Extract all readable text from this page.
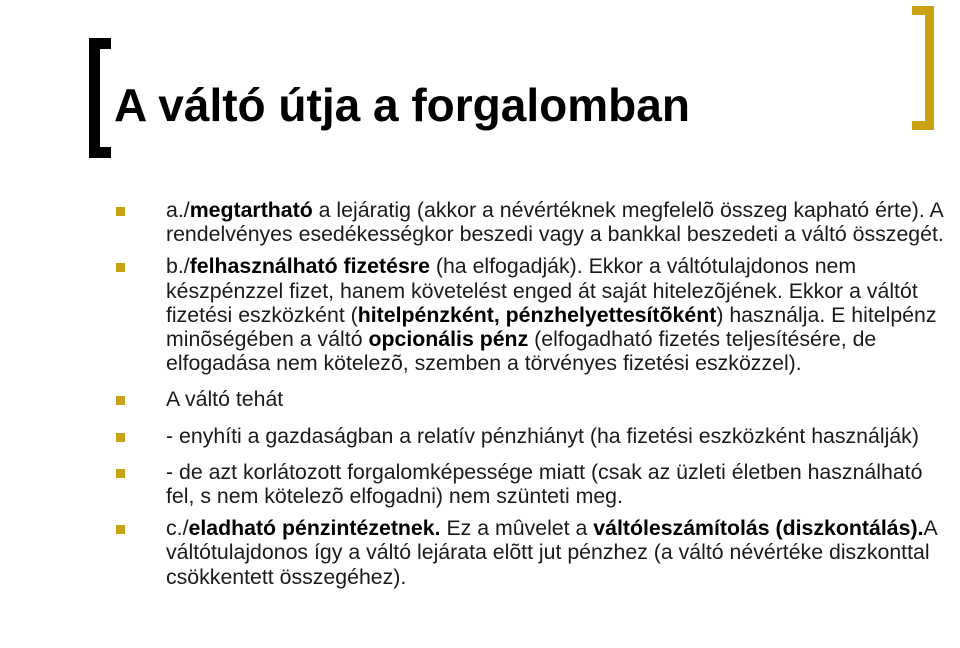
A váltó útja a forgalomban
a./megtartható a lejáratig (akkor a névértéknek megfelelõ összeg kapható érte). A rendelvényes esedékességkor beszedi vagy a bankkal beszedeti a váltó összegét.
b./felhasználható fizetésre (ha elfogadják). Ekkor a váltótulajdonos nem készpénzzel fizet, hanem követelést enged át saját hitelezõjének. Ekkor a váltót fizetési eszközként (hitelpénzként, pénzhelyettesítõként) használja. E hitelpénz minõségében a váltó opcionális pénz (elfogadható fizetés teljesítésére, de elfogadása nem kötelezõ, szemben a törvényes fizetési eszközzel).
A váltó tehát
- enyhíti a gazdaságban a relatív pénzhiányt (ha fizetési eszközként használják)
- de azt korlátozott forgalomképessége miatt (csak az üzleti életben használható fel, s nem kötelezõ elfogadni) nem szünteti meg.
c./eladható pénzintézetnek. Ez a mûvelet a váltóleszámítolás (diszkontálás).A váltótulajdonos így a váltó lejárata elõtt jut pénzhez (a váltó névértéke diszkonttal csökkentett összegéhez).
